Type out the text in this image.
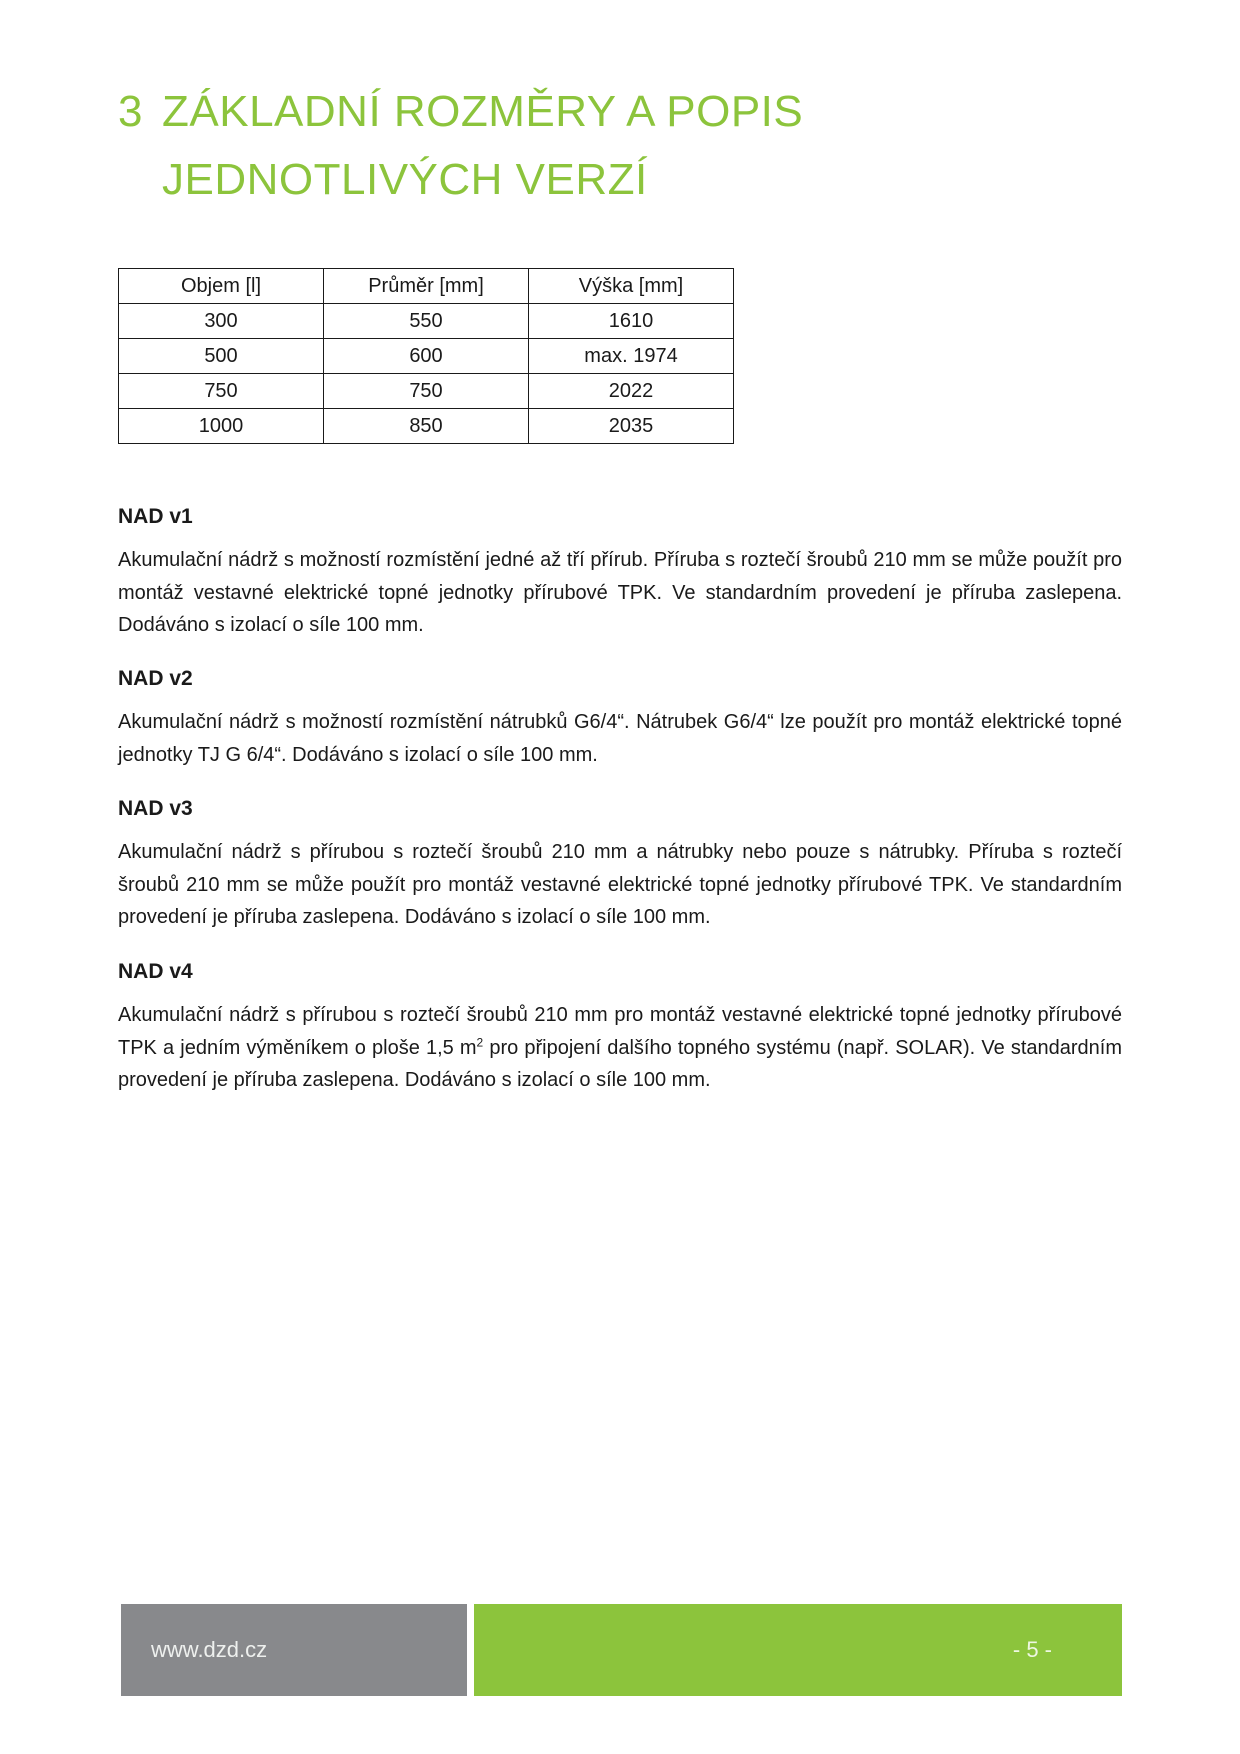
3 ZÁKLADNÍ ROZMĚRY A POPIS JEDNOTLIVÝCH VERZÍ
Objem [l]	Průměr [mm]	Výška [mm]
300	550	1610
500	600	max. 1974
750	750	2022
1000	850	2035
NAD v1

Akumulační nádrž s možností rozmístění jedné až tří přírub. Příruba s roztečí šroubů 210 mm se může použít pro montáž vestavné elektrické topné jednotky přírubové TPK. Ve standardním provedení je příruba zaslepena. Dodáváno s izolací o síle 100 mm.

NAD v2

Akumulační nádrž s možností rozmístění nátrubků G6/4“. Nátrubek G6/4“ lze použít pro montáž elektrické topné jednotky TJ G 6/4“. Dodáváno s izolací o síle 100 mm.

NAD v3

Akumulační nádrž s přírubou s roztečí šroubů 210 mm a nátrubky nebo pouze s nátrubky. Příruba s roztečí šroubů 210 mm se může použít pro montáž vestavné elektrické topné jednotky přírubové TPK. Ve standardním provedení je příruba zaslepena. Dodáváno s izolací o síle 100 mm.

NAD v4

Akumulační nádrž s přírubou s roztečí šroubů 210 mm pro montáž vestavné elektrické topné jednotky přírubové TPK a jedním výměníkem o ploše 1,5 $m^2$ pro připojení dalšího topného systému (např. SOLAR). Ve standardním provedení je příruba zaslepena. Dodáváno s izolací o síle 100 mm.

www.dzd.cz	- 5 -
